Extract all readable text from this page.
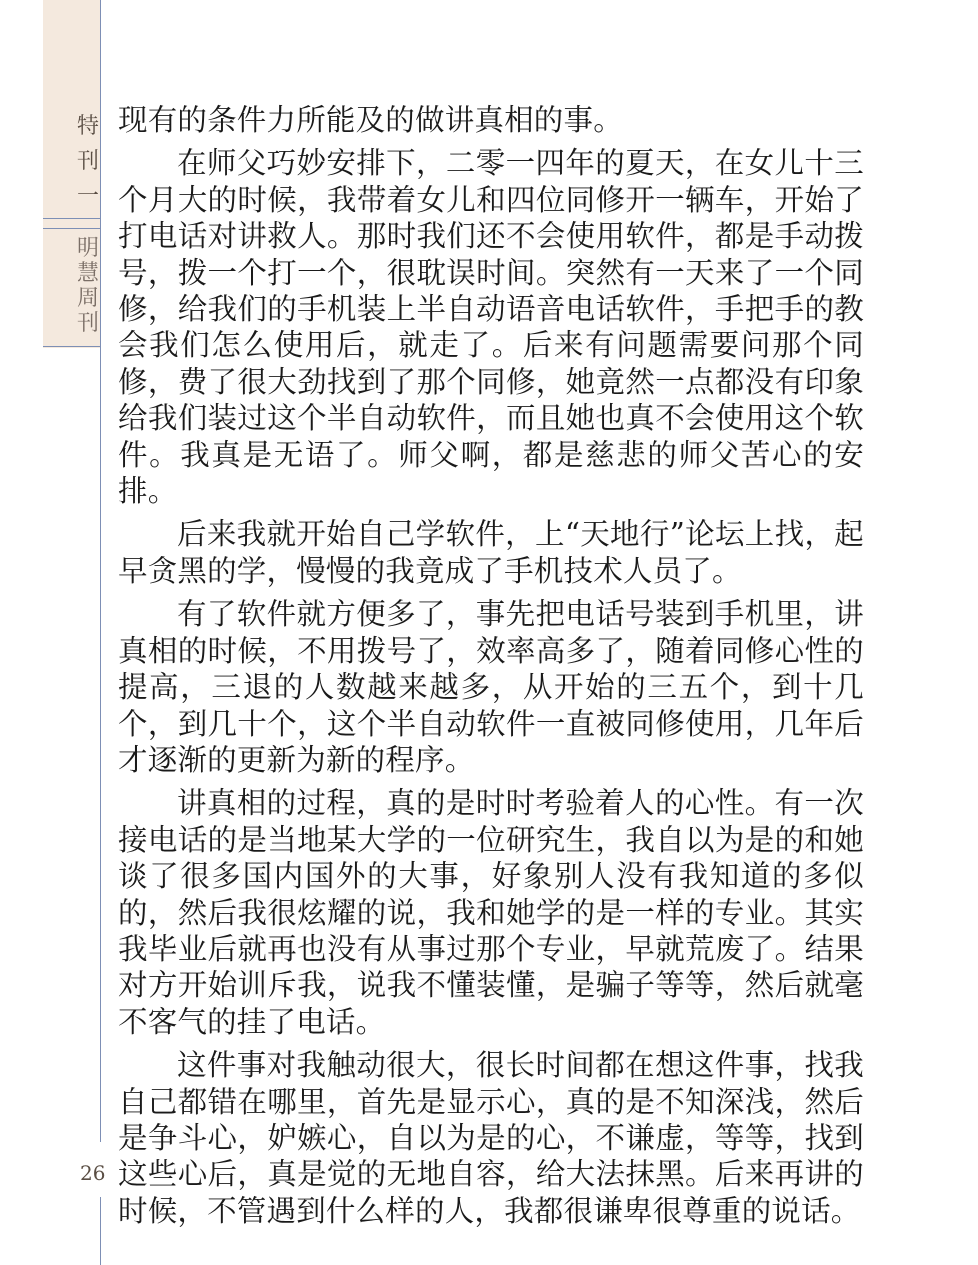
特
刊
一
明
慧
周
刊
26

现有的条件力所能及的做讲真相的事。

在师父巧妙安排下，二零一四年的夏天，在女儿十三个月大的时候，我带着女儿和四位同修开一辆车，开始了打电话对讲救人。那时我们还不会使用软件，都是手动拨号，拨一个打一个，很耽误时间。突然有一天来了一个同修，给我们的手机装上半自动语音电话软件，手把手的教会我们怎么使用后，就走了。后来有问题需要问那个同修，费了很大劲找到了那个同修，她竟然一点都没有印象给我们装过这个半自动软件，而且她也真不会使用这个软件。我真是无语了。师父啊，都是慈悲的师父苦心的安排。

后来我就开始自己学软件，上“天地行”论坛上找，起早贪黑的学，慢慢的我竟成了手机技术人员了。

有了软件就方便多了，事先把电话号装到手机里，讲真相的时候，不用拨号了，效率高多了，随着同修心性的提高，三退的人数越来越多，从开始的三五个，到十几个，到几十个，这个半自动软件一直被同修使用，几年后才逐渐的更新为新的程序。

讲真相的过程，真的是时时考验着人的心性。有一次接电话的是当地某大学的一位研究生，我自以为是的和她谈了很多国内国外的大事，好象别人没有我知道的多似的，然后我很炫耀的说，我和她学的是一样的专业。其实我毕业后就再也没有从事过那个专业，早就荒废了。结果对方开始训斥我，说我不懂装懂，是骗子等等，然后就毫不客气的挂了电话。

这件事对我触动很大，很长时间都在想这件事，找我自己都错在哪里，首先是显示心，真的是不知深浅，然后是争斗心，妒嫉心，自以为是的心，不谦虚，等等，找到这些心后，真是觉的无地自容，给大法抹黑。后来再讲的时候，不管遇到什么样的人，我都很谦卑很尊重的说话。
